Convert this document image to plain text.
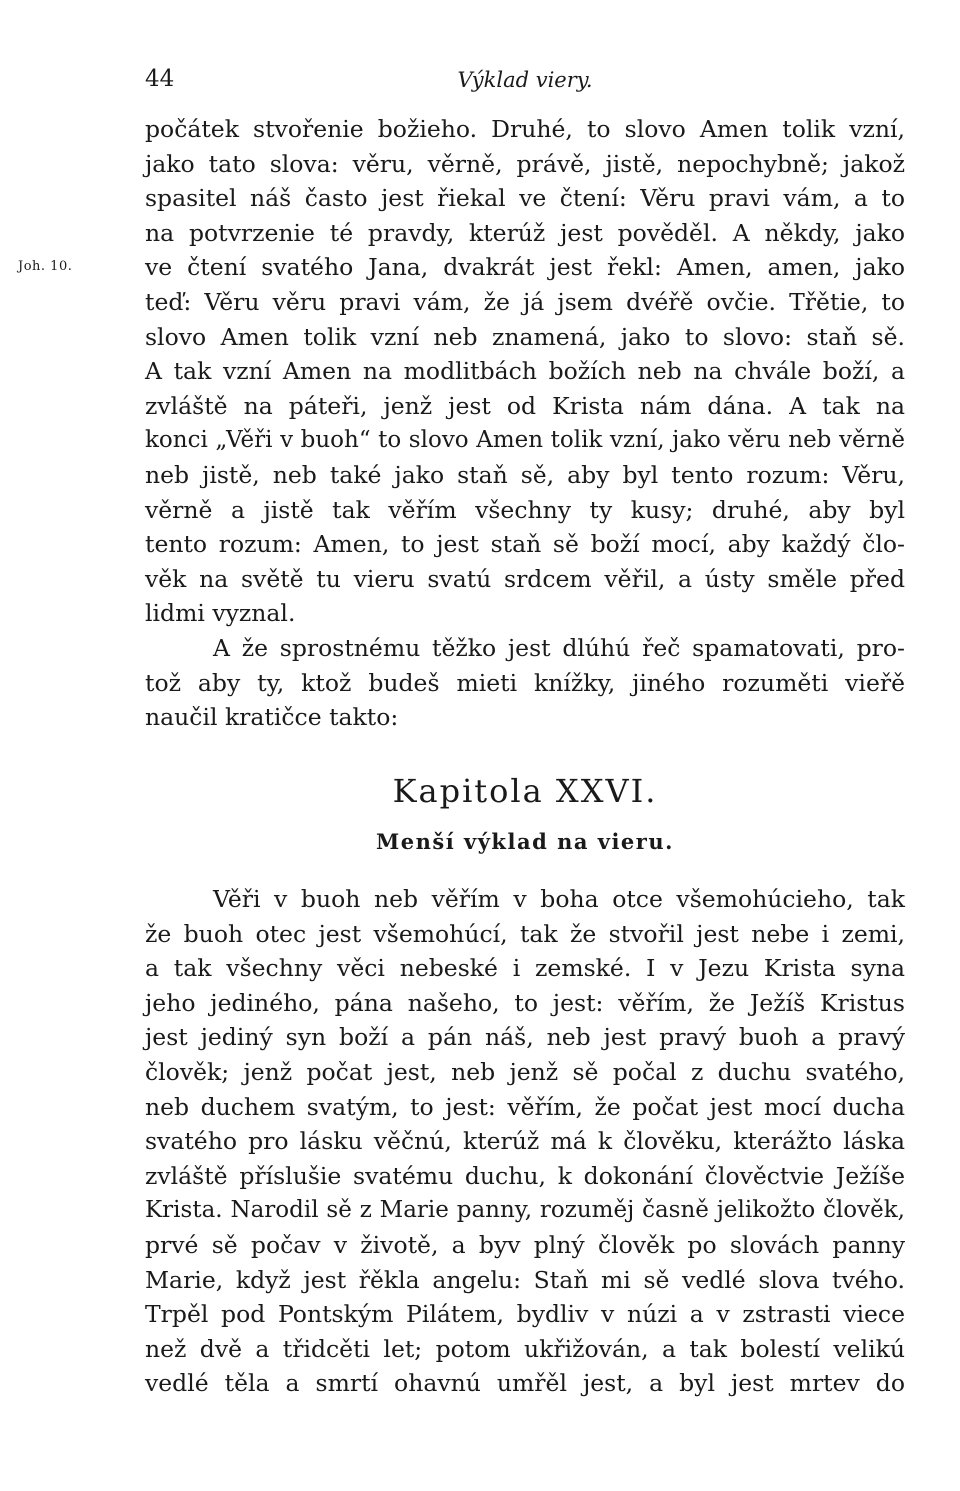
44	Výklad viery.
počátek stvořenie božieho. Druhé, to slovo Amen tolik vzní,
jako tato slova: věru, věrně, právě, jistě, nepochybně; jakož
spasitel náš často jest řiekal ve čtení: Věru pravi vám, a to
na potvrzenie té pravdy, kterúž jest pověděl. A někdy, jako
Joh. 10.	ve čtení svatého Jana, dvakrát jest řekl: Amen, amen, jako
teď: Věru věru pravi vám, že já jsem dvéřě ovčie. Třětie, to
slovo Amen tolik vzní neb znamená, jako to slovo: staň sě.
A tak vzní Amen na modlitbách božích neb na chvále boží, a
zvláště na páteři, jenž jest od Krista nám dána. A tak na
konci „Věři v buoh“ to slovo Amen tolik vzní, jako věru neb věrně
neb jistě, neb také jako staň sě, aby byl tento rozum: Věru,
věrně a jistě tak věřím všechny ty kusy; druhé, aby byl
tento rozum: Amen, to jest staň sě boží mocí, aby každý člo-
věk na světě tu vieru svatú srdcem věřil, a ústy směle před
lidmi vyznal.
A že sprostnému těžko jest dlúhú řeč spamatovati, pro-
tož aby ty, ktož budeš mieti knížky, jiného rozuměti vieřě
naučil kratičce takto:
Kapitola XXVI.
Menší výklad na vieru.
Věři v buoh neb věřím v boha otce všemohúcieho, tak
že buoh otec jest všemohúcí, tak že stvořil jest nebe i zemi,
a tak všechny věci nebeské i zemské. I v Jezu Krista syna
jeho jediného, pána našeho, to jest: věřím, že Ježíš Kristus
jest jediný syn boží a pán náš, neb jest pravý buoh a pravý
člověk; jenž počat jest, neb jenž sě počal z duchu svatého,
neb duchem svatým, to jest: věřím, že počat jest mocí ducha
svatého pro lásku věčnú, kterúž má k člověku, kterážto láska
zvláště příslušie svatému duchu, k dokonání člověctvie Ježíše
Krista. Narodil sě z Marie panny, rozuměj časně jelikožto člověk,
prvé sě počav v životě, a byv plný člověk po slovách panny
Marie, když jest řěkla angelu: Staň mi sě vedlé slova tvého.
Trpěl pod Pontským Pilátem, bydliv v núzi a v zstrasti viece
než dvě a třidcěti let; potom ukřižován, a tak bolestí velikú
vedlé těla a smrtí ohavnú umřěl jest, a byl jest mrtev do
